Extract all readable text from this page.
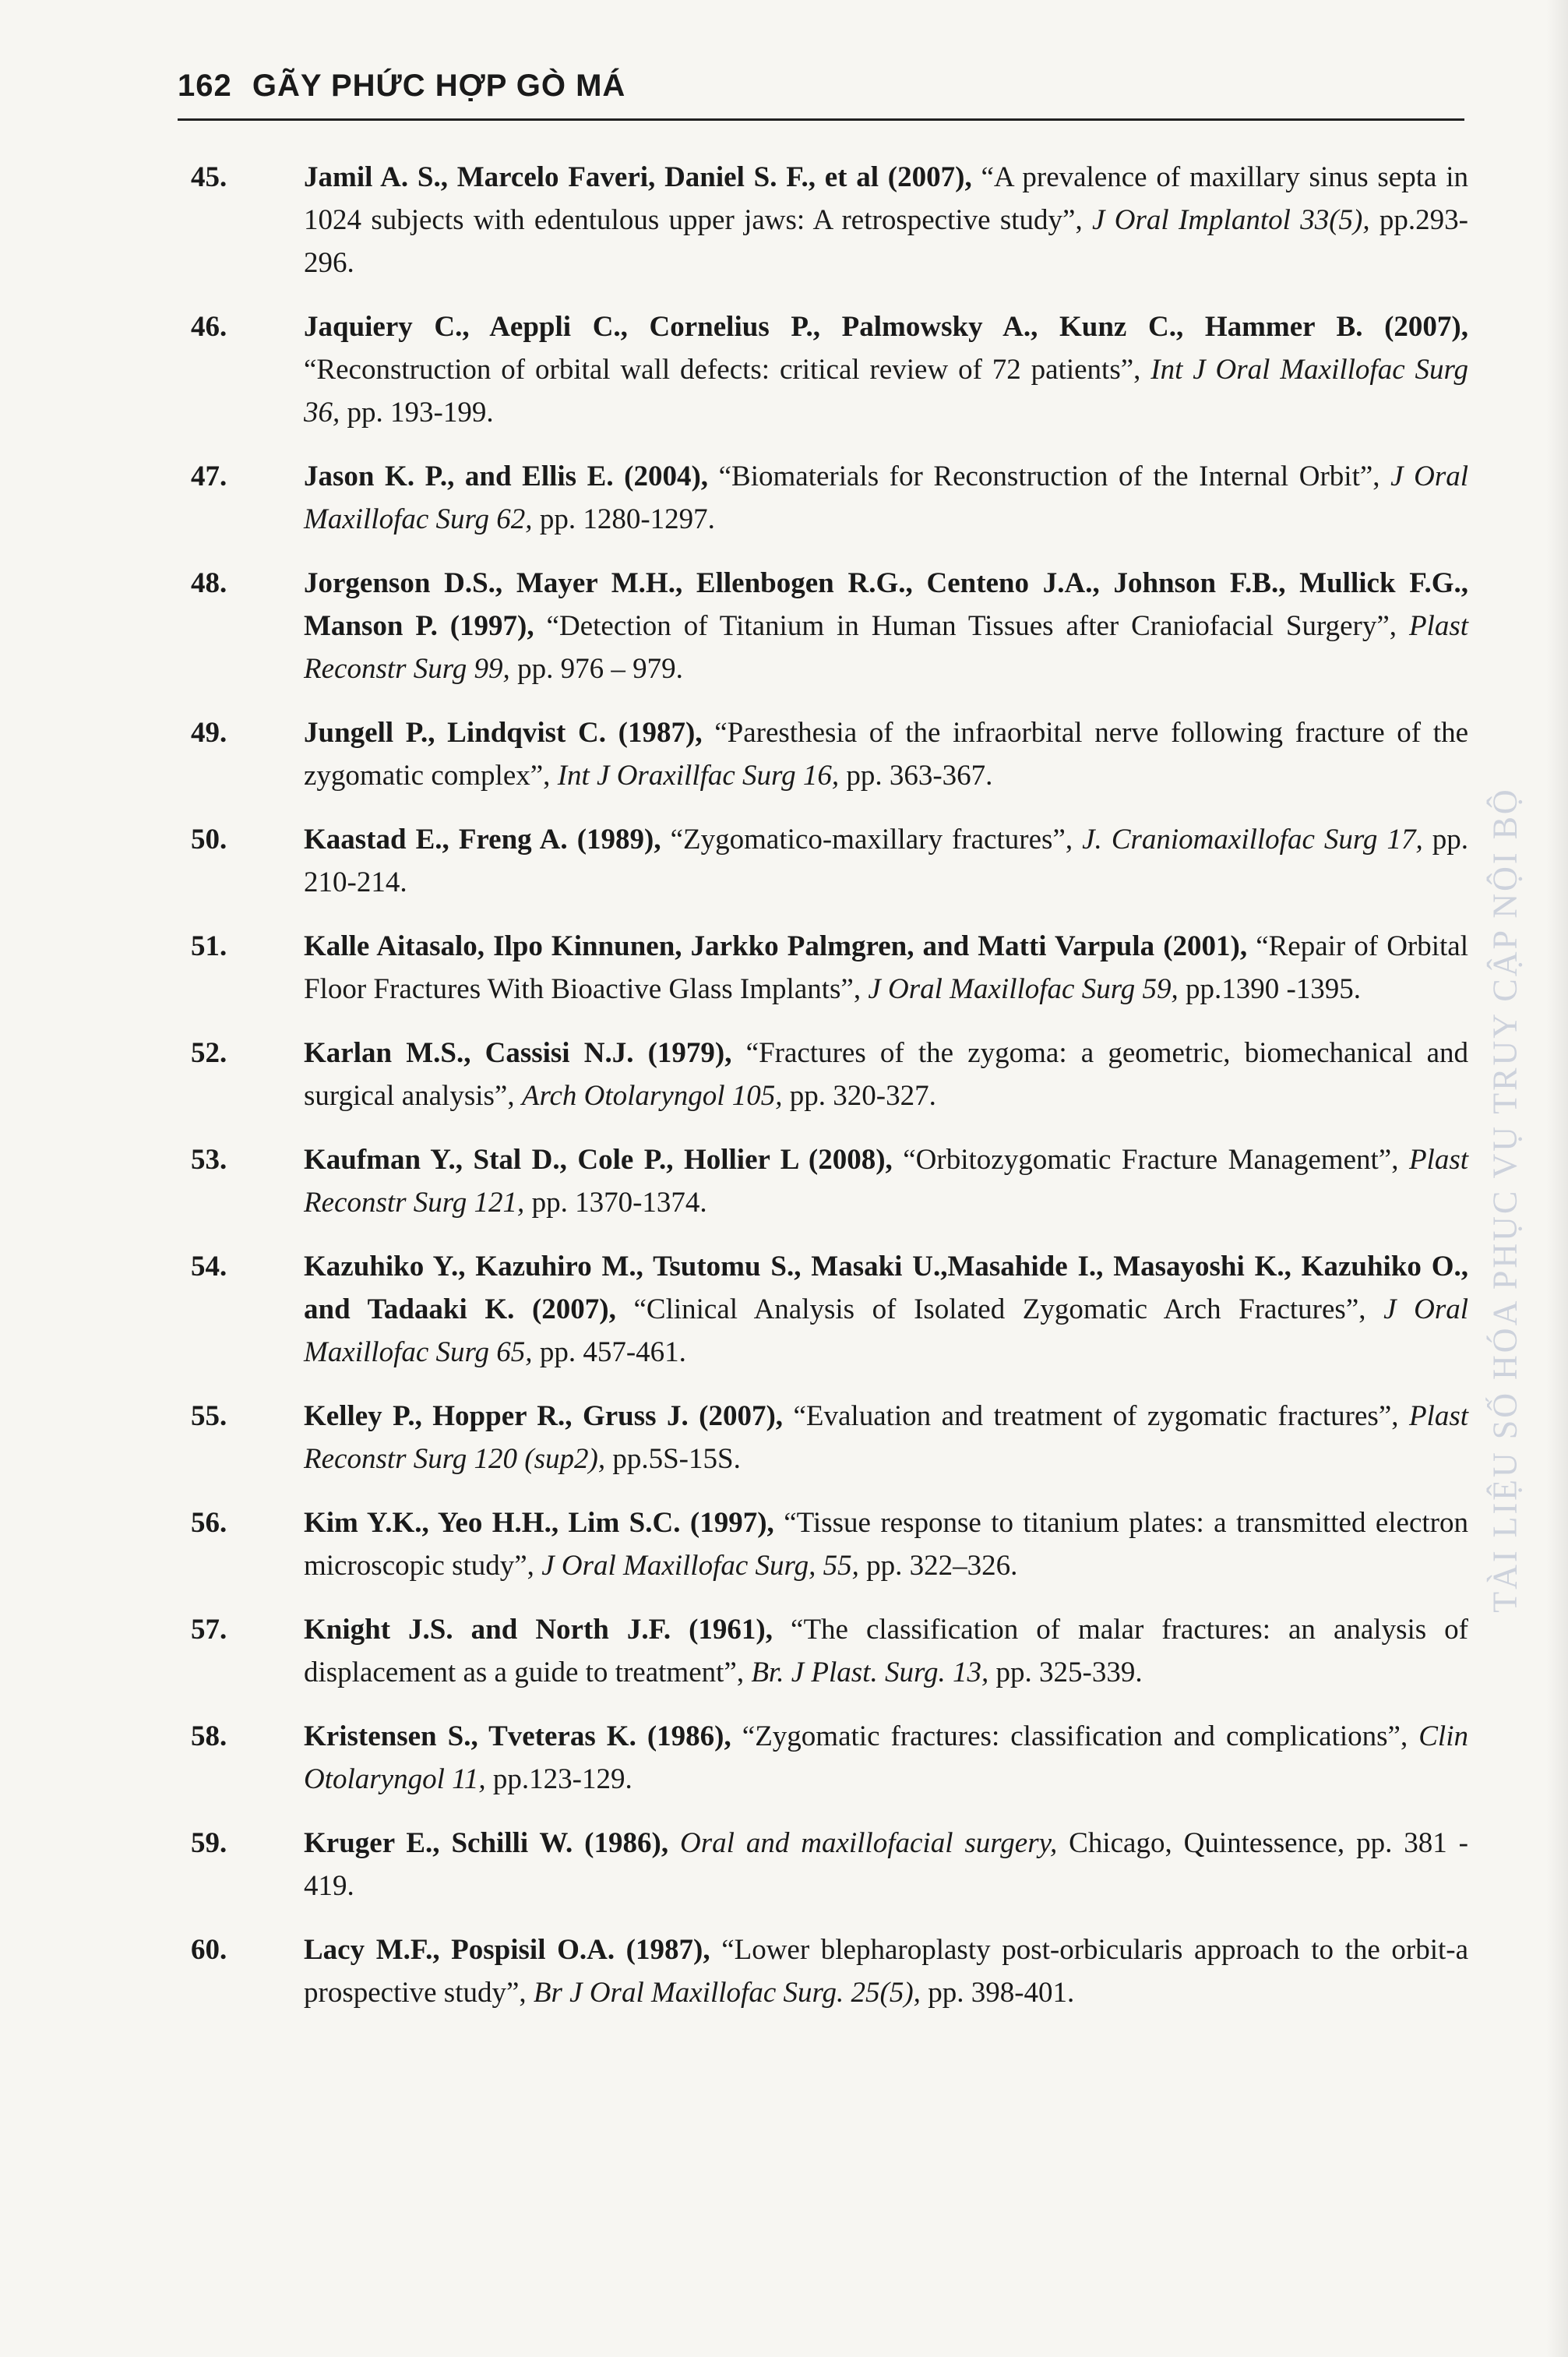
162 GÃY PHỨC HỢP GÒ MÁ
45.	Jamil A. S., Marcelo Faveri, Daniel S. F., et al (2007), “A prevalence of maxillary sinus septa in 1024 subjects with edentulous upper jaws: A retrospective study”, J Oral Implantol 33(5), pp.293-296.
46.	Jaquiery C., Aeppli C., Cornelius P., Palmowsky A., Kunz C., Hammer B. (2007), “Reconstruction of orbital wall defects: critical review of 72 patients”, Int J Oral Maxillofac Surg 36, pp. 193-199.
47.	Jason K. P., and Ellis E. (2004), “Biomaterials for Reconstruction of the Internal Orbit”, J Oral Maxillofac Surg 62, pp. 1280-1297.
48.	Jorgenson D.S., Mayer M.H., Ellenbogen R.G., Centeno J.A., Johnson F.B., Mullick F.G., Manson P. (1997), “Detection of Titanium in Human Tissues after Craniofacial Surgery”, Plast Reconstr Surg 99, pp. 976 – 979.
49.	Jungell P., Lindqvist C. (1987), “Paresthesia of the infraorbital nerve following fracture of the zygomatic complex”, Int J Oraxillfac Surg 16, pp. 363-367.
50.	Kaastad E., Freng A. (1989), “Zygomatico-maxillary fractures”, J. Craniomaxillofac Surg 17, pp. 210-214.
51.	Kalle Aitasalo, Ilpo Kinnunen, Jarkko Palmgren, and Matti Varpula (2001), “Repair of Orbital Floor Fractures With Bioactive Glass Implants”, J Oral Maxillofac Surg 59, pp.1390 -1395.
52.	Karlan M.S., Cassisi N.J. (1979), “Fractures of the zygoma: a geometric, biomechanical and surgical analysis”, Arch Otolaryngol 105, pp. 320-327.
53.	Kaufman Y., Stal D., Cole P., Hollier L (2008), “Orbitozygomatic Fracture Management”, Plast Reconstr Surg 121, pp. 1370-1374.
54.	Kazuhiko Y., Kazuhiro M., Tsutomu S., Masaki U.,Masahide I., Masayoshi K., Kazuhiko O., and Tadaaki K. (2007), “Clinical Analysis of Isolated Zygomatic Arch Fractures”, J Oral Maxillofac Surg 65, pp. 457-461.
55.	Kelley P., Hopper R., Gruss J. (2007), “Evaluation and treatment of zygomatic fractures”, Plast Reconstr Surg 120 (sup2), pp.5S-15S.
56.	Kim Y.K., Yeo H.H., Lim S.C. (1997), “Tissue response to titanium plates: a transmitted electron microscopic study”, J Oral Maxillofac Surg, 55, pp. 322–326.
57.	Knight J.S. and North J.F. (1961), “The classification of malar fractures: an analysis of displacement as a guide to treatment”, Br. J Plast. Surg. 13, pp. 325-339.
58.	Kristensen S., Tveteras K. (1986), “Zygomatic fractures: classification and complications”, Clin Otolaryngol 11, pp.123-129.
59.	Kruger E., Schilli W. (1986), Oral and maxillofacial surgery, Chicago, Quintessence, pp. 381 - 419.
60.	Lacy M.F., Pospisil O.A. (1987), “Lower blepharoplasty post-orbicularis approach to the orbit-a prospective study”, Br J Oral Maxillofac Surg. 25(5), pp. 398-401.
TÀI LIỆU SỐ HÓA PHỤC VỤ TRUY CẬP NỘI BỘ
